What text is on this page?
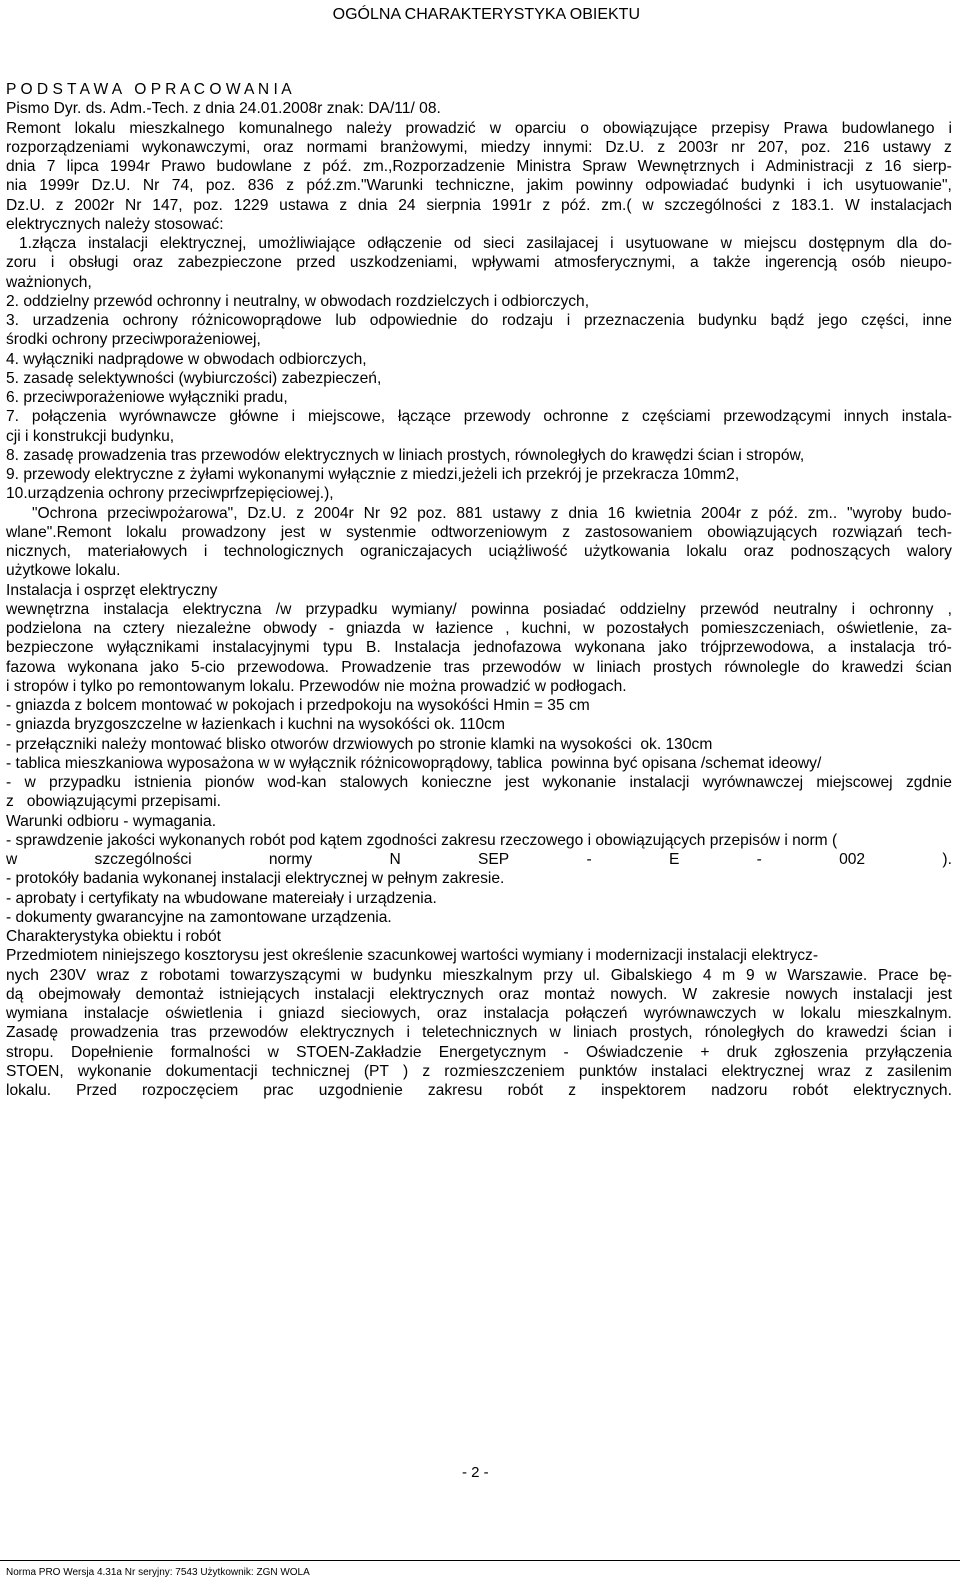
OGÓLNA CHARAKTERYSTYKA OBIEKTU
P O D S T A W A   O P R A C O W A N I A
Pismo Dyr. ds. Adm.-Tech. z dnia 24.01.2008r znak: DA/11/ 08.
Remont lokalu mieszkalnego komunalnego należy prowadzić w oparciu o obowiązujące przepisy Prawa budowlanego i
rozporządzeniami wykonawczymi, oraz normami branżowymi, miedzy innymi: Dz.U. z 2003r nr 207, poz. 216 ustawy z
dnia 7 lipca 1994r Prawo budowlane z póź. zm.,Rozporzadzenie Ministra Spraw Wewnętrznych i Administracji z 16 sierp-
nia 1999r Dz.U. Nr 74, poz. 836 z póź.zm."Warunki techniczne, jakim powinny odpowiadać budynki i ich usytuowanie",
Dz.U. z 2002r Nr 147, poz. 1229 ustawa z dnia 24 sierpnia 1991r z póź. zm.( w szczególności z 183.1. W instalacjach
elektrycznych należy stosować:
1.złącza instalacji elektrycznej, umożliwiające odłączenie od sieci zasilajacej i usytuowane w miejscu dostępnym dla do-
zoru i obsługi oraz zabezpieczone przed uszkodzeniami, wpływami atmosferycznymi, a także ingerencją osób nieupo-
ważnionych,
2. oddzielny przewód ochronny i neutralny, w obwodach rozdzielczych i odbiorczych,
3. urzadzenia ochrony różnicowoprądowe lub odpowiednie do rodzaju i przeznaczenia budynku bądź jego części, inne
środki ochrony przeciwporażeniowej,
4. wyłączniki nadprądowe w obwodach odbiorczych,
5. zasadę selektywności (wybiurczości) zabezpieczeń,
6. przeciwporażeniowe wyłączniki pradu,
7. połączenia wyrównawcze główne i miejscowe, łączące przewody ochronne z częściami przewodzącymi innych instala-
cji i konstrukcji budynku,
8. zasadę prowadzenia tras przewodów elektrycznych w liniach prostych, równoległych do krawędzi ścian i stropów,
9. przewody elektryczne z żyłami wykonanymi wyłącznie z miedzi,jeżeli ich przekrój je przekracza 10mm2,
10.urządzenia ochrony przeciwprfzepięciowej.),
"Ochrona przeciwpożarowa", Dz.U. z 2004r Nr 92 poz. 881 ustawy z dnia 16 kwietnia 2004r z póź. zm.. "wyroby budo-
wlane".Remont lokalu prowadzony jest w systenmie odtworzeniowym z zastosowaniem obowiązujących rozwiązań tech-
nicznych, materiałowych i technologicznych ograniczajacych uciążliwość użytkowania lokalu oraz podnoszących walory
użytkowe lokalu.
Instalacja i osprzęt elektryczny
wewnętrzna instalacja elektryczna /w przypadku wymiany/ powinna posiadać oddzielny przewód neutralny i ochronny ,
podzielona na cztery niezależne obwody - gniazda w łazience , kuchni, w pozostałych pomieszczeniach, oświetlenie, za-
bezpieczone wyłącznikami instalacyjnymi typu B. Instalacja jednofazowa wykonana jako trójprzewodowa, a instalacja tró-
fazowa wykonana jako 5-cio przewodowa. Prowadzenie tras przewodów w liniach prostych równolegle do krawedzi ścian
i stropów i tylko po remontowanym lokalu. Przewodów nie można prowadzić w podłogach.
- gniazda z bolcem montować w pokojach i przedpokoju na wysokóści Hmin = 35 cm
- gniazda bryzgoszczelne w łazienkach i kuchni na wysokóści ok. 110cm
- przełączniki należy montować blisko otworów drzwiowych po stronie klamki na wysokości  ok. 130cm
- tablica mieszkaniowa wyposażona w w wyłącznik różnicowoprądowy, tablica  powinna być opisana /schemat ideowy/
- w przypadku istnienia pionów wod-kan stalowych konieczne jest wykonanie instalacji wyrównawczej miejscowej zgdnie
z   obowiązującymi przepisami.
Warunki odbioru - wymagania.
- sprawdzenie jakości wykonanych robót pod kątem zgodności zakresu rzeczowego i obowiązujących przepisów i norm (
w	szczególności	normy	N	SEP	-	E	-	002	).
- protokóły badania wykonanej instalacji elektrycznej w pełnym zakresie.
- aprobaty i certyfikaty na wbudowane matereiały i urządzenia.
- dokumenty gwarancyjne na zamontowane urządzenia.
Charakterystyka obiektu i robót
Przedmiotem niniejszego kosztorysu jest określenie szacunkowej wartości wymiany i modernizacji instalacji elektrycz-
nych 230V wraz z robotami towarzyszącymi w budynku mieszkalnym przy ul. Gibalskiego 4 m 9 w Warszawie. Prace bę-
dą obejmowały demontaż istniejących instalacji elektrycznych oraz montaż nowych. W zakresie nowych instalacji jest
wymiana instalacje oświetlenia i gniazd sieciowych, oraz instalacja połączeń wyrównawczych w lokalu mieszkalnym.
Zasadę prowadzenia tras przewodów elektrycznych i teletechnicznych w liniach prostych, rónoległych do krawedzi ścian i
stropu. Dopełnienie formalności w STOEN-Zakładzie Energetycznym - Oświadczenie + druk zgłoszenia przyłączenia
STOEN, wykonanie dokumentacji technicznej (PT ) z rozmieszczeniem punktów instalaci elektrycznej wraz z zasilenim
lokalu. Przed rozpoczęciem prac uzgodnienie zakresu robót z inspektorem nadzoru robót elektrycznych.
- 2 -
Norma PRO Wersja 4.31a Nr seryjny: 7543 Użytkownik: ZGN WOLA
